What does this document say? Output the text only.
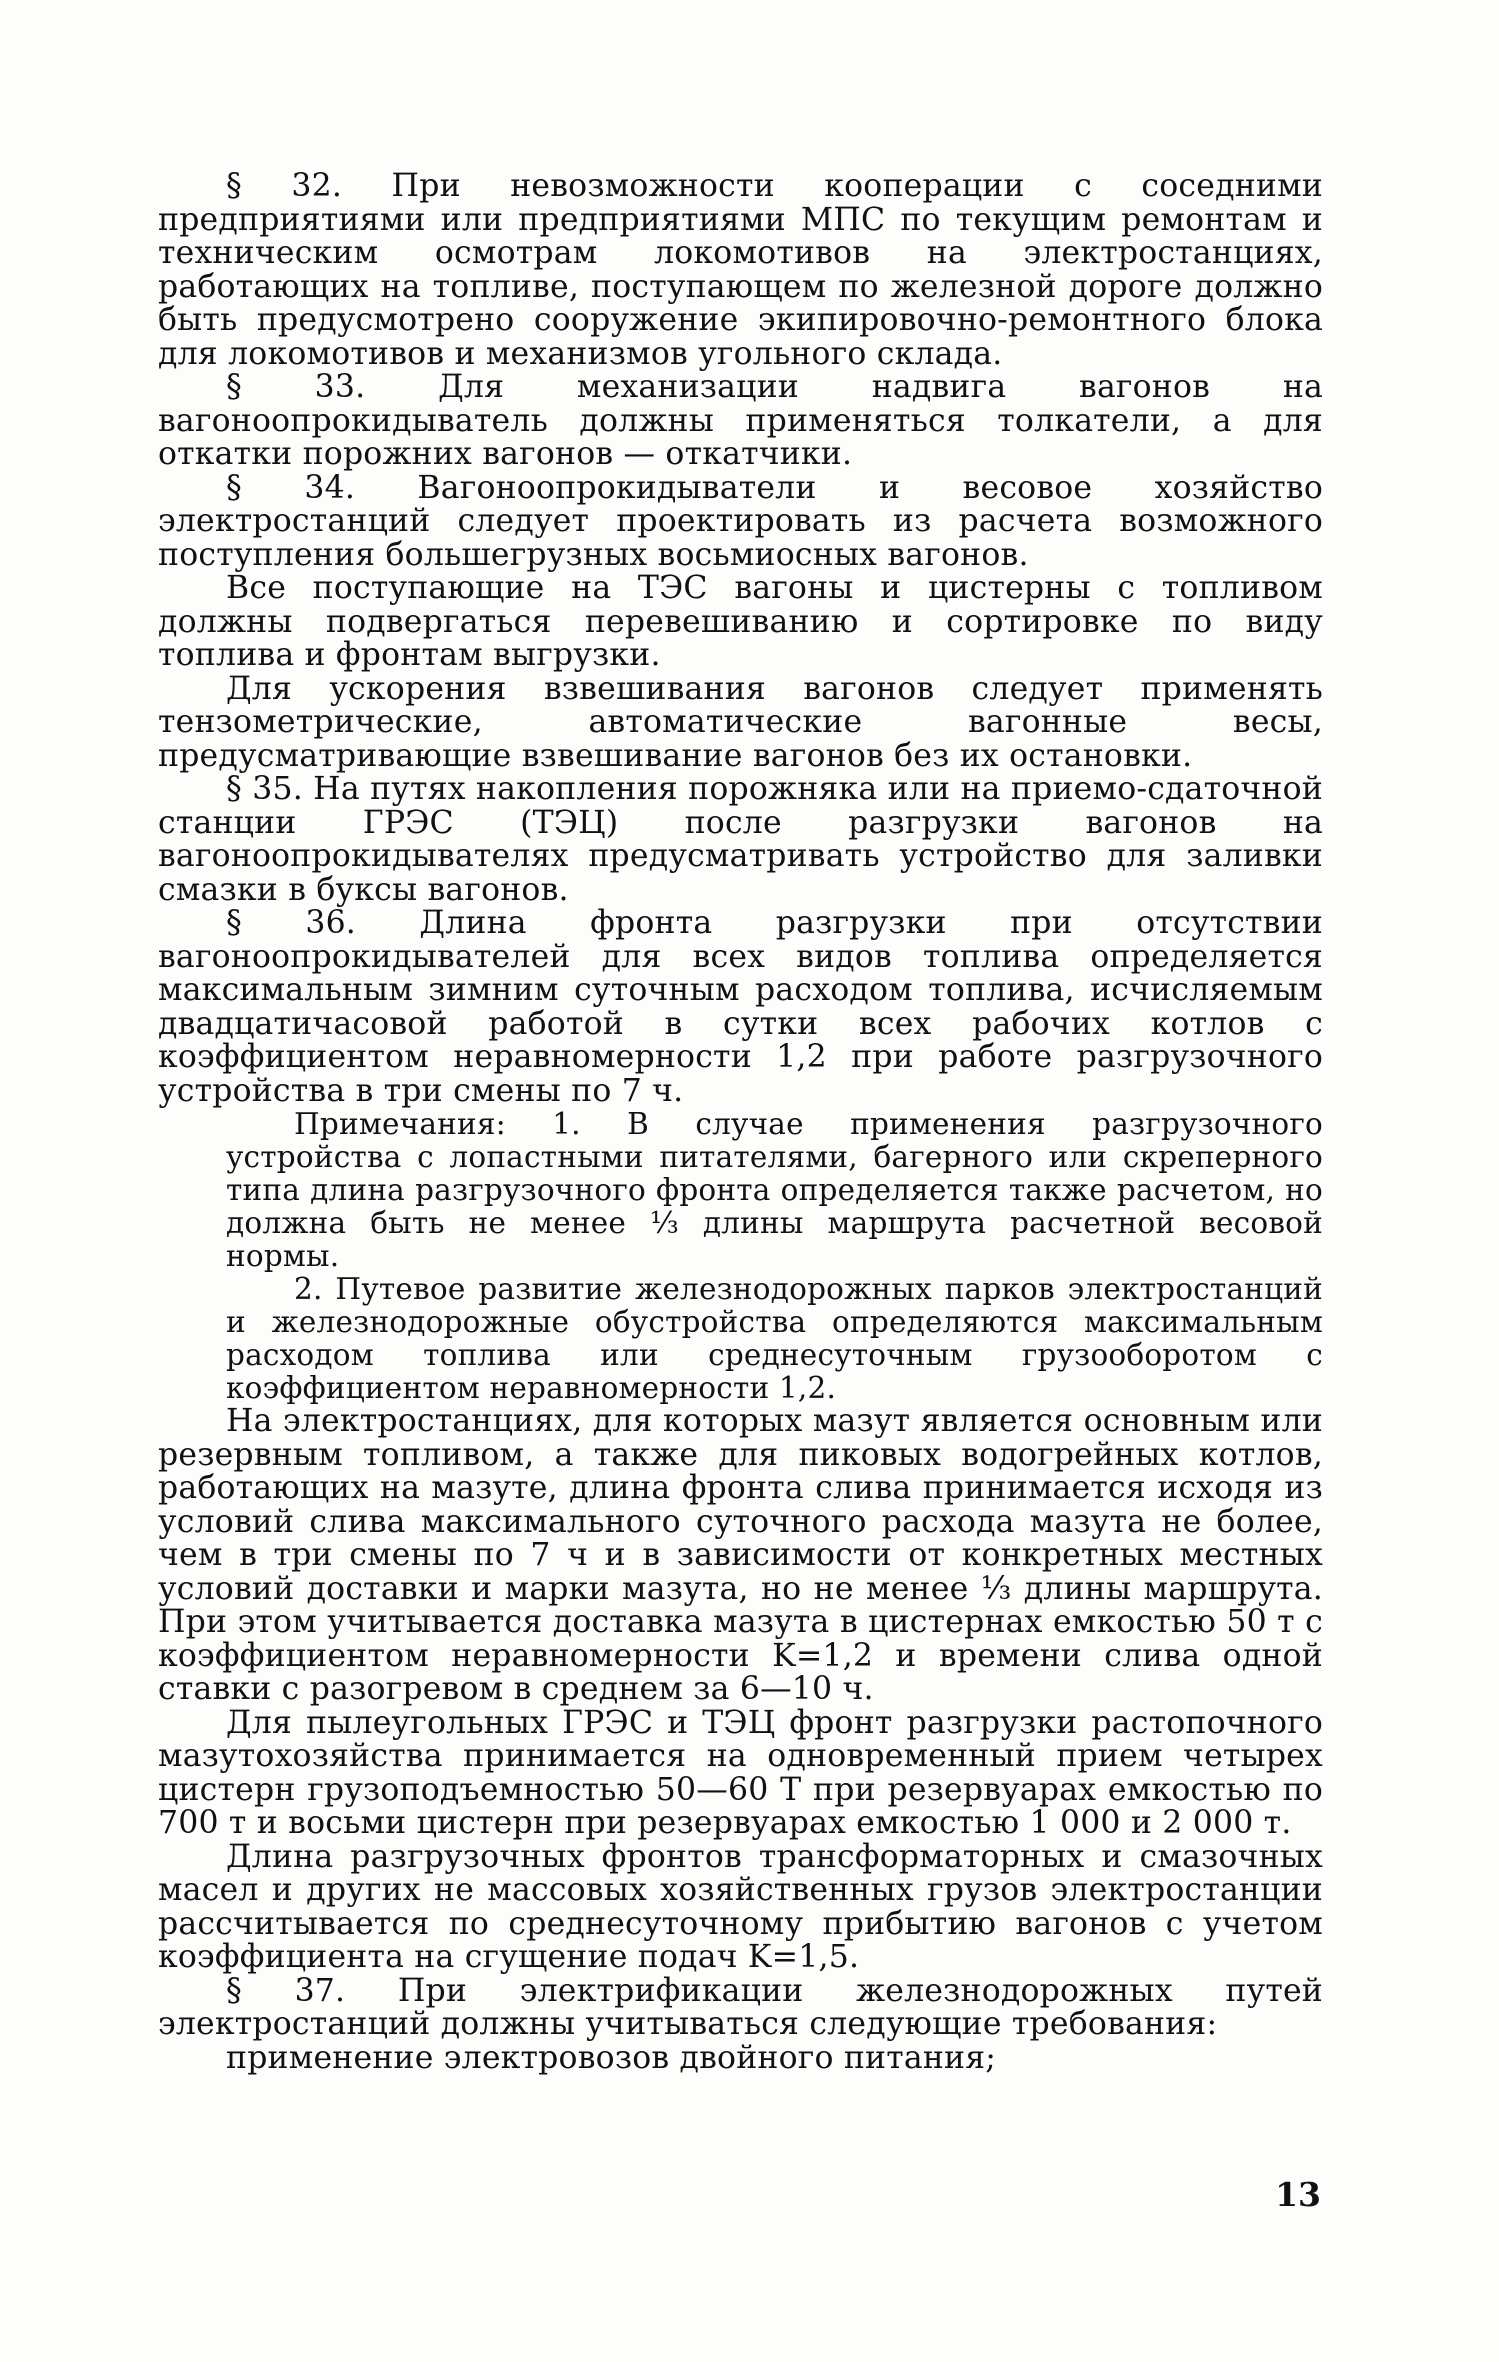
§ 32. При невозможности кооперации с соседними предприятиями или предприятиями МПС по текущим ремонтам и техническим осмотрам локомотивов на электростанциях, работающих на топливе, поступающем по железной дороге должно быть предусмотрено сооружение экипировочно-ремонтного блока для локомотивов и механизмов угольного склада.

§ 33. Для механизации надвига вагонов на вагоноопрокидыватель должны применяться толкатели, а для откатки порожних вагонов — откатчики.

§ 34. Вагоноопрокидыватели и весовое хозяйство электростанций следует проектировать из расчета возможного поступления большегрузных восьмиосных вагонов.

Все поступающие на ТЭС вагоны и цистерны с топливом должны подвергаться перевешиванию и сортировке по виду топлива и фронтам выгрузки.

Для ускорения взвешивания вагонов следует применять тензометрические, автоматические вагонные весы, предусматривающие взвешивание вагонов без их остановки.

§ 35. На путях накопления порожняка или на приемо-сдаточной станции ГРЭС (ТЭЦ) после разгрузки вагонов на вагоноопрокидывателях предусматривать устройство для заливки смазки в буксы вагонов.

§ 36. Длина фронта разгрузки при отсутствии вагоноопрокидывателей для всех видов топлива определяется максимальным зимним суточным расходом топлива, исчисляемым двадцатичасовой работой в сутки всех рабочих котлов с коэффициентом неравномерности 1,2 при работе разгрузочного устройства в три смены по 7 ч.

Примечания: 1. В случае применения разгрузочного устройства с лопастными питателями, багерного или скреперного типа длина разгрузочного фронта определяется также расчетом, но должна быть не менее ⅓ длины маршрута расчетной весовой нормы.

2. Путевое развитие железнодорожных парков электростанций и железнодорожные обустройства определяются максимальным расходом топлива или среднесуточным грузооборотом с коэффициентом неравномерности 1,2.

На электростанциях, для которых мазут является основным или резервным топливом, а также для пиковых водогрейных котлов, работающих на мазуте, длина фронта слива принимается исходя из условий слива максимального суточного расхода мазута не более, чем в три смены по 7 ч и в зависимости от конкретных местных условий доставки и марки мазута, но не менее ⅓ длины маршрута. При этом учитывается доставка мазута в цистернах емкостью 50 т с коэффициентом неравномерности K=1,2 и времени слива одной ставки с разогревом в среднем за 6—10 ч.

Для пылеугольных ГРЭС и ТЭЦ фронт разгрузки растопочного мазутохозяйства принимается на одновременный прием четырех цистерн грузоподъемностью 50—60 Т при резервуарах емкостью по 700 т и восьми цистерн при резервуарах емкостью 1 000 и 2 000 т.

Длина разгрузочных фронтов трансформаторных и смазочных масел и других не массовых хозяйственных грузов электростанции рассчитывается по среднесуточному прибытию вагонов с учетом коэффициента на сгущение подач K=1,5.

§ 37. При электрификации железнодорожных путей электростанций должны учитываться следующие требования:

применение электровозов двойного питания;

13
